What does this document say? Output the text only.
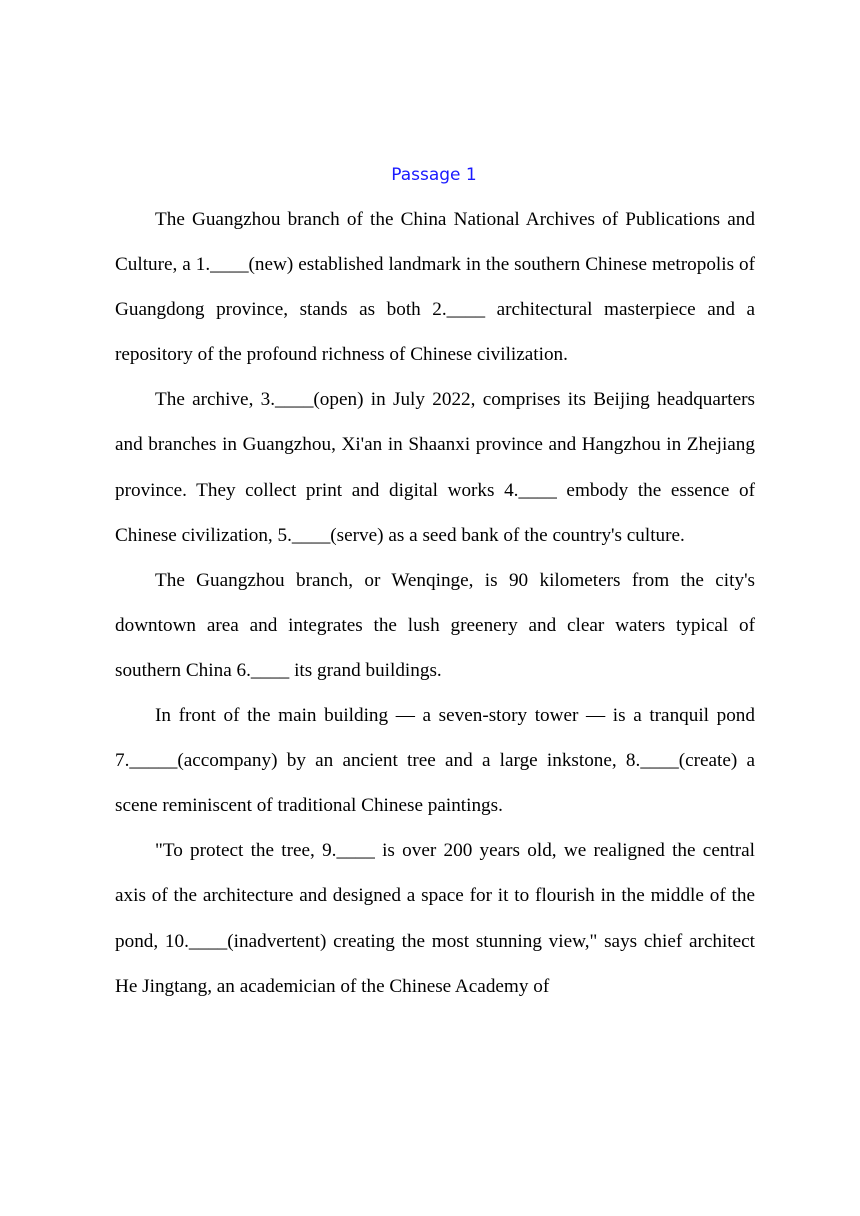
Passage 1

The Guangzhou branch of the China National Archives of Publications and Culture, a 1.____(new) established landmark in the southern Chinese metropolis of Guangdong province, stands as both 2.____ architectural masterpiece and a repository of the profound richness of Chinese civilization.

The archive, 3.____(open) in July 2022, comprises its Beijing headquarters and branches in Guangzhou, Xi'an in Shaanxi province and Hangzhou in Zhejiang province. They collect print and digital works 4.____ embody the essence of Chinese civilization, 5.____(serve) as a seed bank of the country's culture.

The Guangzhou branch, or Wenqinge, is 90 kilometers from the city's downtown area and integrates the lush greenery and clear waters typical of southern China 6.____ its grand buildings.

In front of the main building — a seven-story tower — is a tranquil pond 7._____(accompany) by an ancient tree and a large inkstone, 8.____(create) a scene reminiscent of traditional Chinese paintings.

"To protect the tree, 9.____ is over 200 years old, we realigned the central axis of the architecture and designed a space for it to flourish in the middle of the pond, 10.____(inadvertent) creating the most stunning view," says chief architect He Jingtang, an academician of the Chinese Academy of
